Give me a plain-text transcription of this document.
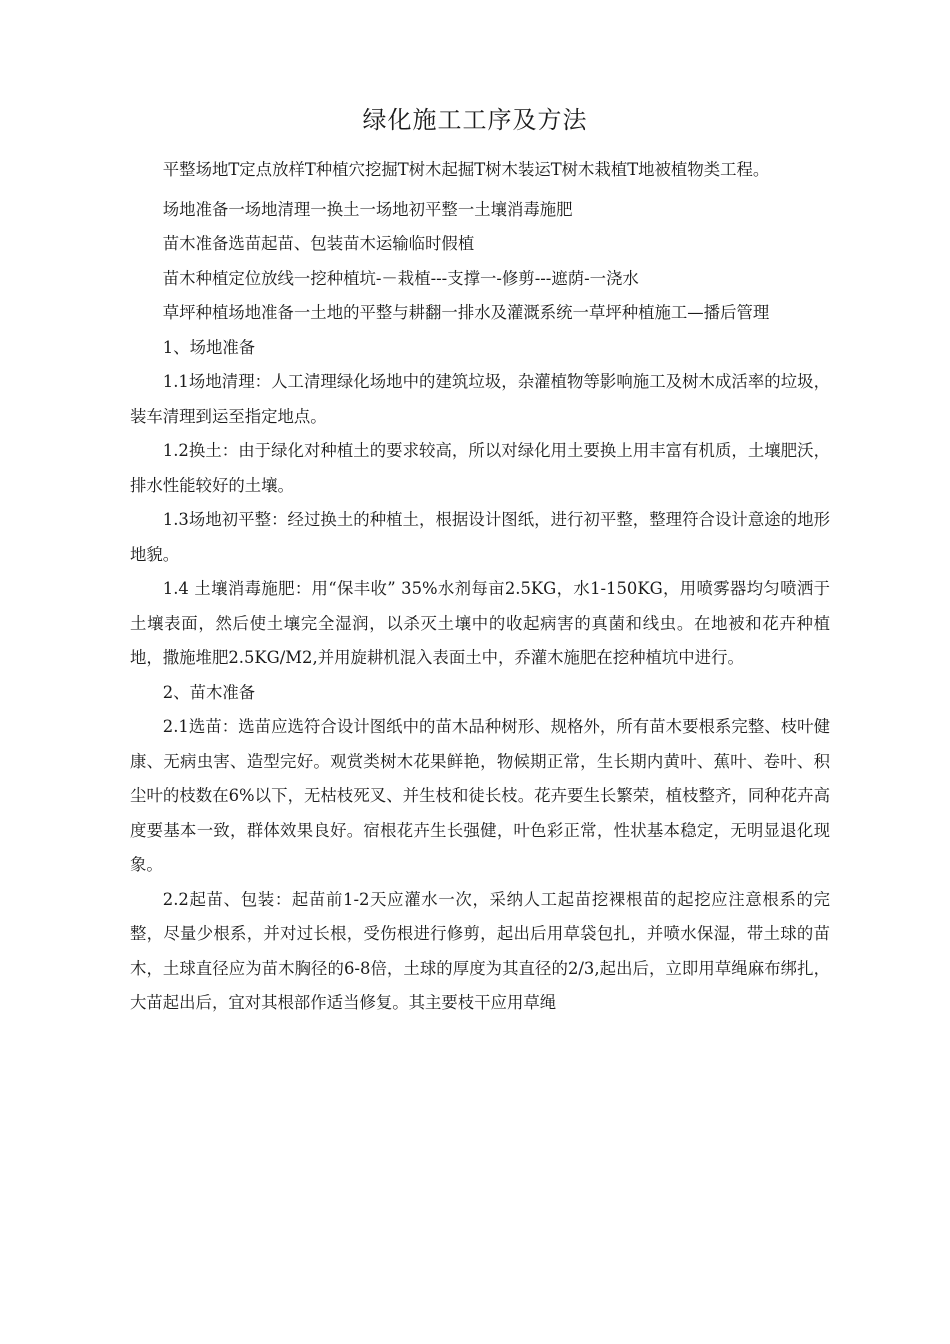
绿化施工工序及方法

平整场地T定点放样T种植穴挖掘T树木起掘T树木装运T树木栽植T地被植物类工程。

场地准备一场地清理一换土一场地初平整一土壤消毒施肥

苗木准备选苗起苗、包装苗木运输临时假植

苗木种植定位放线一挖种植坑-－栽植---支撑一-修剪---遮荫-一浇水

草坪种植场地准备一土地的平整与耕翻一排水及灌溉系统一草坪种植施工—播后管理

1、场地准备

1.1场地清理：人工清理绿化场地中的建筑垃圾，杂灌植物等影响施工及树木成活率的垃圾，装车清理到运至指定地点。

1.2换土：由于绿化对种植土的要求较高，所以对绿化用土要换上用丰富有机质，土壤肥沃，排水性能较好的土壤。

1.3场地初平整：经过换土的种植土，根据设计图纸，进行初平整，整理符合设计意途的地形地貌。

1.4 土壤消毒施肥：用“保丰收” 35%水剂每亩2.5KG，水1-150KG，用喷雾器均匀喷洒于土壤表面，然后使土壤完全湿润，以杀灭土壤中的收起病害的真菌和线虫。在地被和花卉种植地，撒施堆肥2.5KG/M2,并用旋耕机混入表面土中，乔灌木施肥在挖种植坑中进行。

2、苗木准备

2.1选苗：选苗应选符合设计图纸中的苗木品种树形、规格外，所有苗木要根系完整、枝叶健康、无病虫害、造型完好。观赏类树木花果鲜艳，物候期正常，生长期内黄叶、蕉叶、卷叶、积尘叶的枝数在6%以下，无枯枝死叉、并生枝和徒长枝。花卉要生长繁荣，植枝整齐，同种花卉高度要基本一致，群体效果良好。宿根花卉生长强健，叶色彩正常，性状基本稳定，无明显退化现象。

2.2起苗、包装：起苗前1-2天应灌水一次，采纳人工起苗挖裸根苗的起挖应注意根系的完整，尽量少根系，并对过长根，受伤根进行修剪，起出后用草袋包扎，并喷水保湿，带土球的苗木，土球直径应为苗木胸径的6-8倍，土球的厚度为其直径的2/3,起出后，立即用草绳麻布绑扎，大苗起出后，宜对其根部作适当修复。其主要枝干应用草绳
